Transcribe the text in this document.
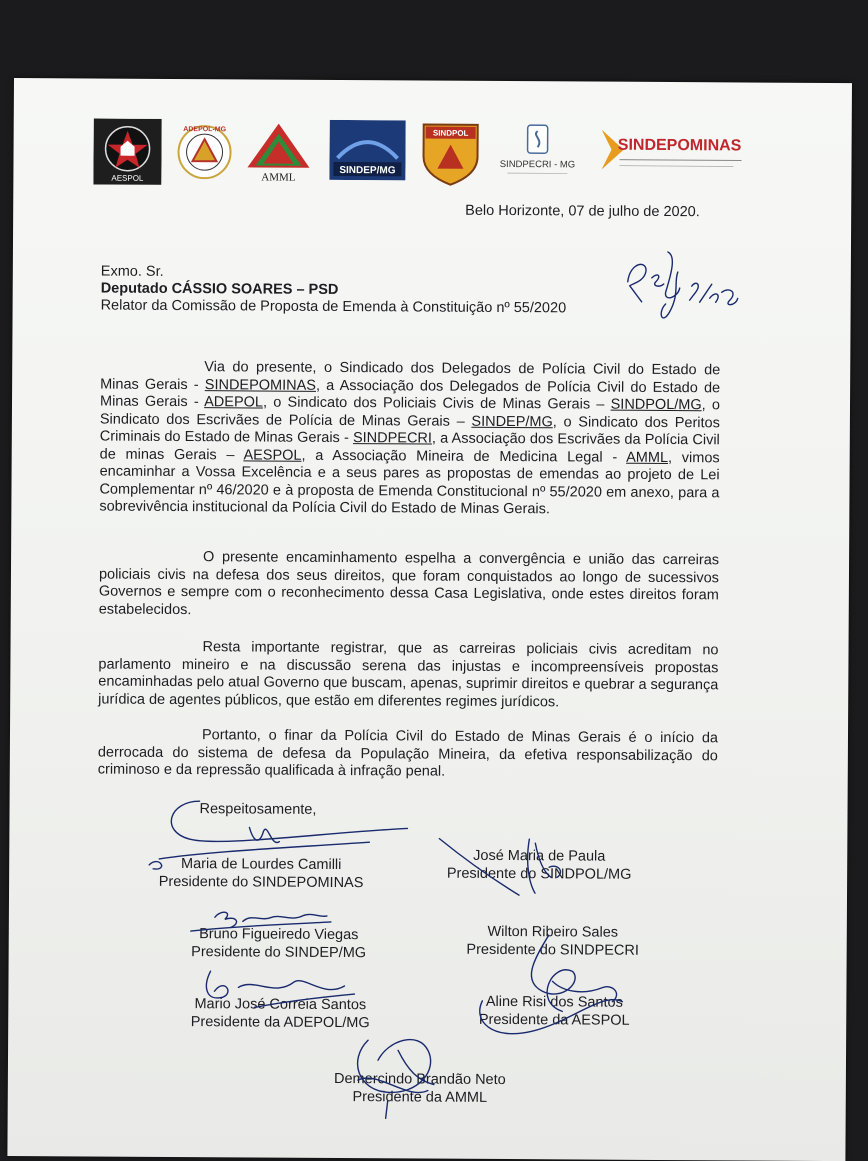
AESPOL
ADEPOL-MG
AMML
SINDEP/MG
SINDPOL
SINDPECRI - MG
SINDEPOMINAS
Belo Horizonte, 07 de julho de 2020.
Exmo. Sr.
Deputado CÁSSIO SOARES – PSD
Relator da Comissão de Proposta de Emenda à Constituição nº 55/2020
Via do presente, o Sindicado dos Delegados de Polícia Civil do Estado de Minas Gerais - SINDEPOMINAS, a Associação dos Delegados de Polícia Civil do Estado de Minas Gerais - ADEPOL, o Sindicato dos Policiais Civis de Minas Gerais – SINDPOL/MG, o Sindicato dos Escrivães de Polícia de Minas Gerais – SINDEP/MG, o Sindicato dos Peritos Criminais do Estado de Minas Gerais - SINDPECRI, a Associação dos Escrivães da Polícia Civil de minas Gerais – AESPOL, a Associação Mineira de Medicina Legal - AMML, vimos encaminhar a Vossa Excelência e a seus pares as propostas de emendas ao projeto de Lei Complementar nº 46/2020 e à proposta de Emenda Constitucional nº 55/2020 em anexo, para a sobrevivência institucional da Polícia Civil do Estado de Minas Gerais.
O presente encaminhamento espelha a convergência e união das carreiras policiais civis na defesa dos seus direitos, que foram conquistados ao longo de sucessivos Governos e sempre com o reconhecimento dessa Casa Legislativa, onde estes direitos foram estabelecidos.
Resta importante registrar, que as carreiras policiais civis acreditam no parlamento mineiro e na discussão serena das injustas e incompreensíveis propostas encaminhadas pelo atual Governo que buscam, apenas, suprimir direitos e quebrar a segurança jurídica de agentes públicos, que estão em diferentes regimes jurídicos.
Portanto, o finar da Polícia Civil do Estado de Minas Gerais é o início da derrocada do sistema de defesa da População Mineira, da efetiva responsabilização do criminoso e da repressão qualificada à infração penal.
Respeitosamente,
Maria de Lourdes Camilli
Presidente do SINDEPOMINAS
José Maria de Paula
Presidente do SINDPOL/MG
Bruno Figueiredo Viegas
Presidente do SINDEP/MG
Wilton Ribeiro Sales
Presidente do SINDPECRI
Mario José Correia Santos
Presidente da ADEPOL/MG
Aline Risi dos Santos
Presidente da AESPOL
Demercindo Brandão Neto
Presidente da AMML
